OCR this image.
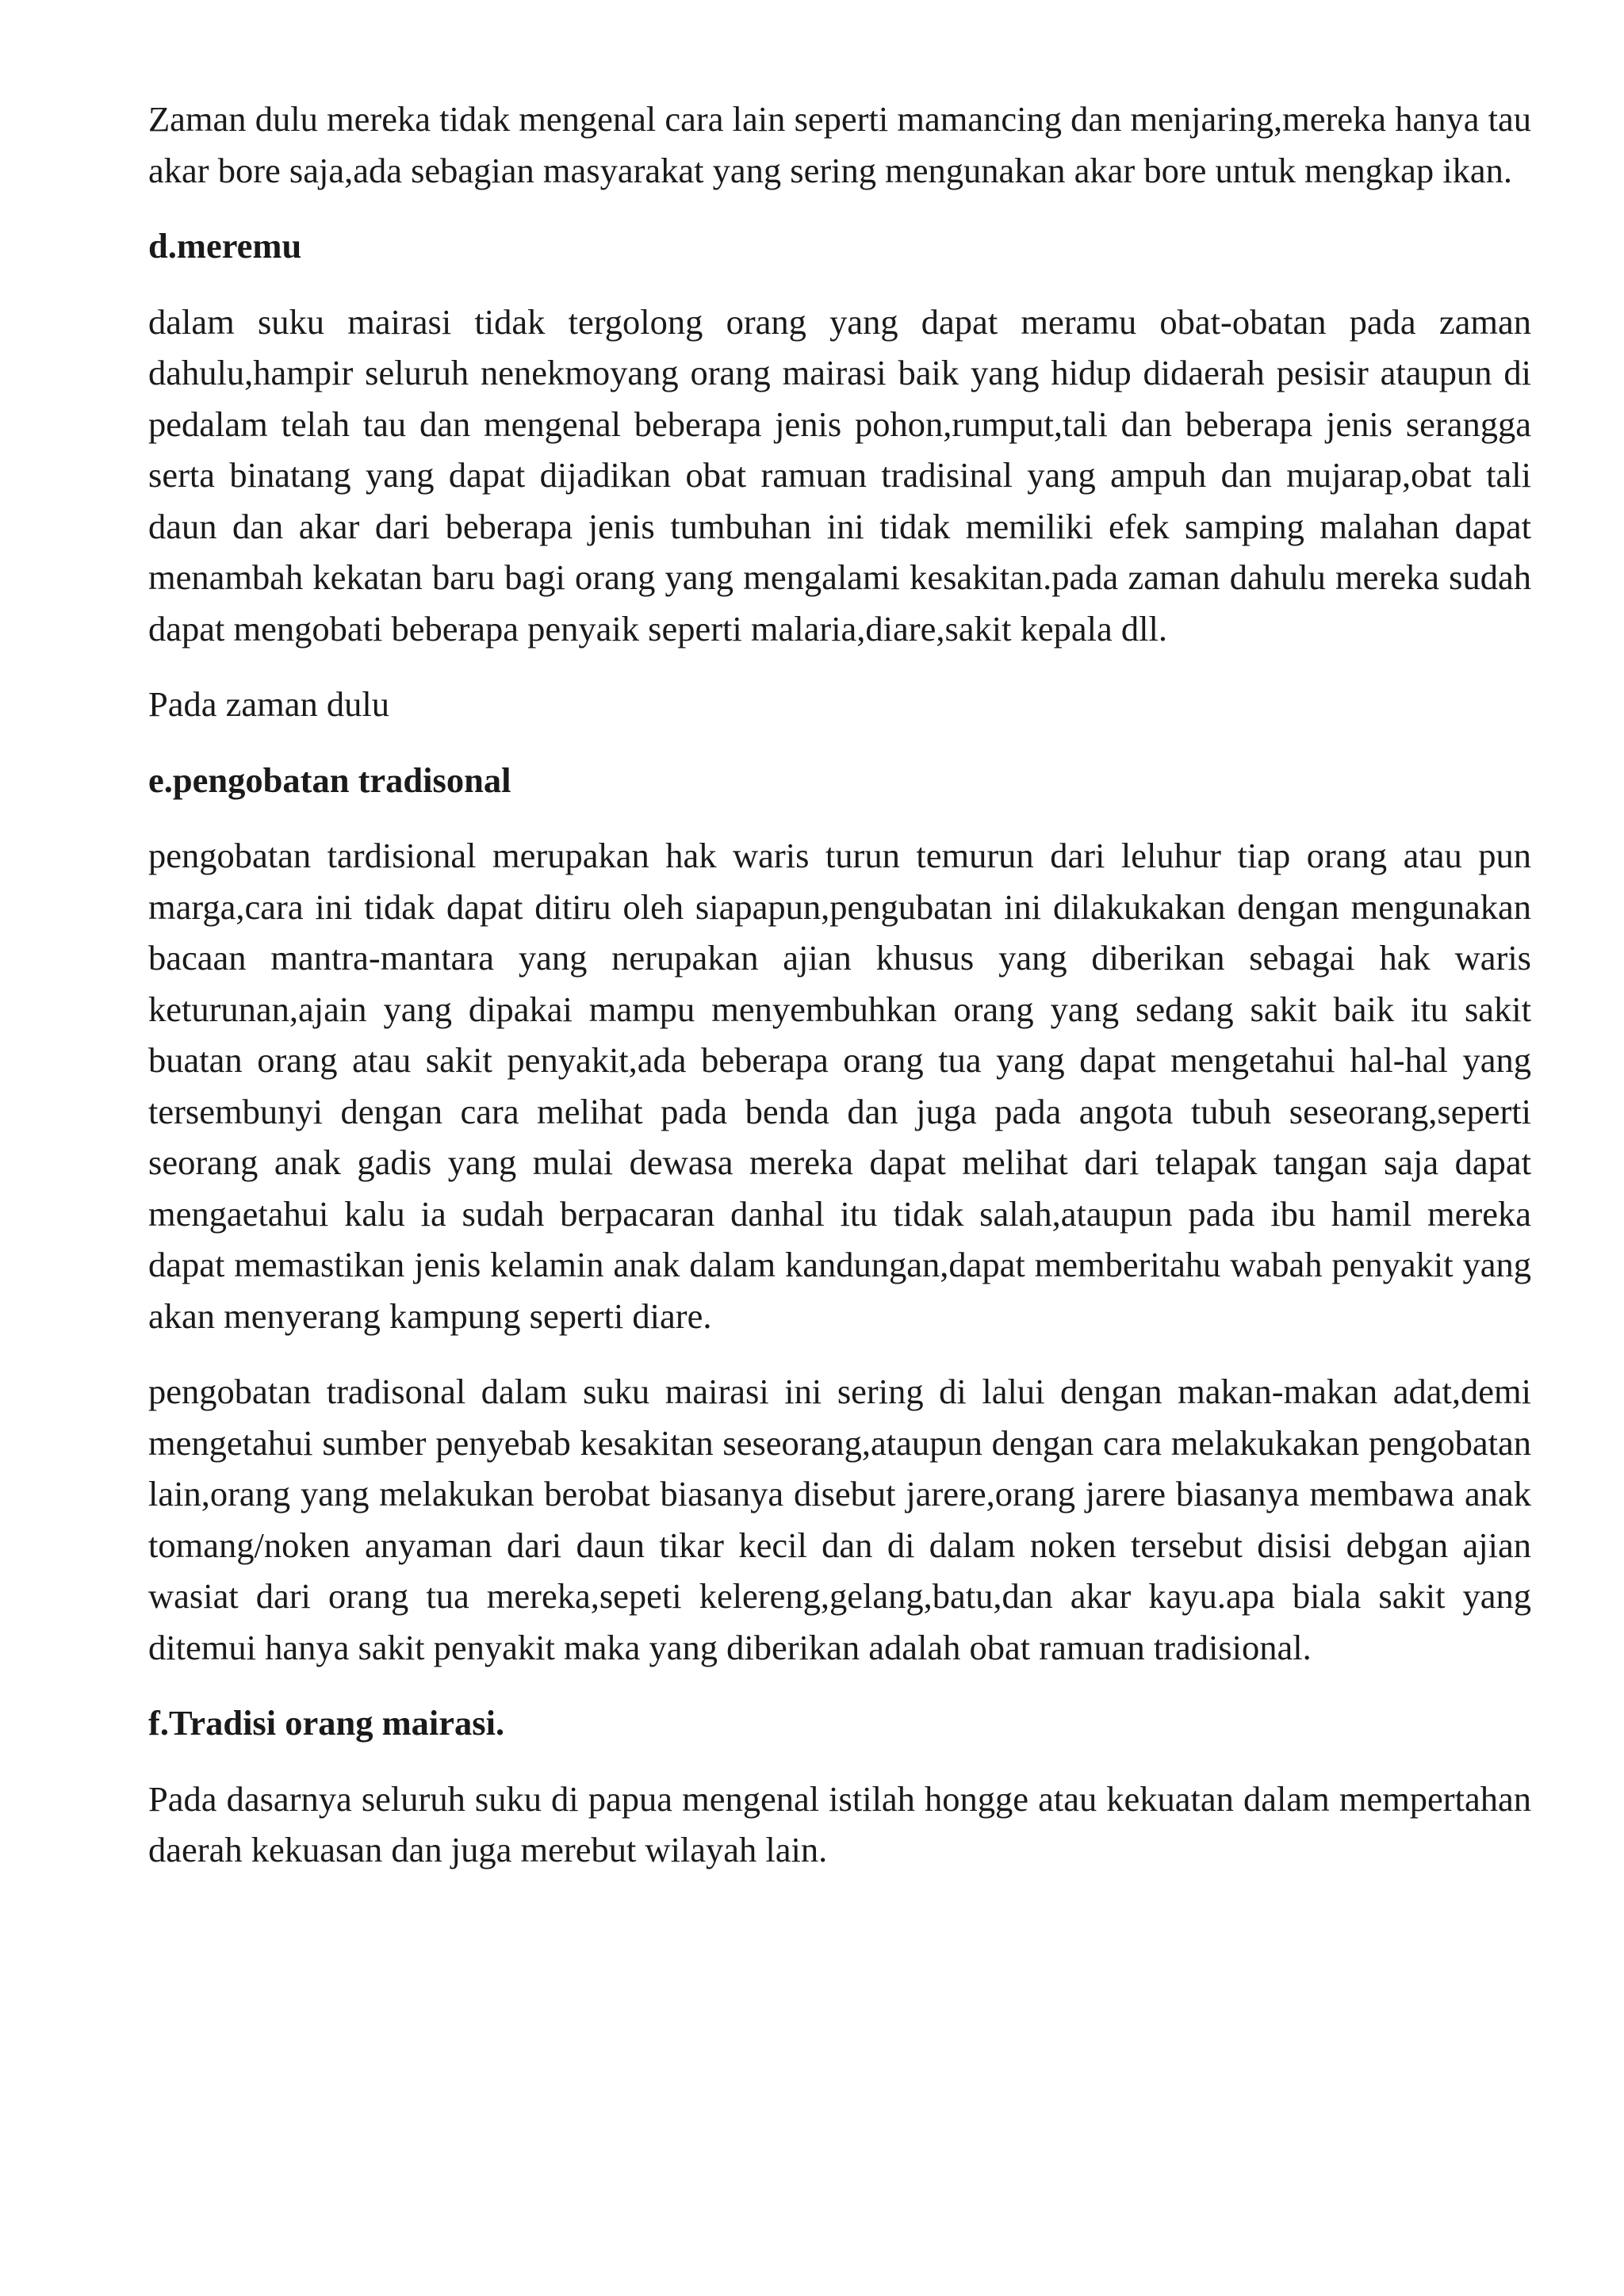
Zaman dulu mereka tidak mengenal cara lain seperti mamancing dan menjaring,mereka hanya tau akar bore saja,ada sebagian masyarakat yang sering mengunakan akar bore untuk mengkap ikan.

d.meremu

dalam suku mairasi tidak tergolong orang yang dapat meramu obat-obatan pada zaman dahulu,hampir seluruh nenekmoyang orang mairasi baik yang hidup didaerah pesisir ataupun di pedalam telah tau dan mengenal beberapa jenis pohon,rumput,tali dan beberapa jenis serangga serta binatang yang dapat dijadikan obat ramuan tradisinal yang ampuh dan mujarap,obat tali daun dan akar dari beberapa jenis tumbuhan ini tidak memiliki efek samping malahan dapat menambah kekatan baru bagi orang yang mengalami kesakitan.pada zaman dahulu mereka sudah dapat mengobati beberapa penyaik seperti malaria,diare,sakit kepala dll.

Pada zaman dulu

e.pengobatan tradisonal

pengobatan tardisional merupakan hak waris turun temurun dari leluhur tiap orang atau pun marga,cara ini tidak dapat ditiru oleh siapapun,pengubatan ini dilakukakan dengan mengunakan bacaan mantra-mantara yang nerupakan ajian khusus yang diberikan sebagai hak waris keturunan,ajain yang dipakai mampu menyembuhkan orang yang sedang sakit baik itu sakit buatan orang atau sakit penyakit,ada beberapa orang tua yang dapat mengetahui hal-hal yang tersembunyi dengan cara melihat pada benda dan juga pada angota tubuh seseorang,seperti seorang anak gadis yang mulai dewasa mereka dapat melihat dari telapak tangan saja dapat mengaetahui kalu ia sudah berpacaran danhal itu tidak salah,ataupun pada ibu hamil mereka dapat memastikan jenis kelamin anak dalam kandungan,dapat memberitahu wabah penyakit yang akan menyerang kampung seperti diare.

pengobatan tradisonal dalam suku mairasi ini sering di lalui dengan makan-makan adat,demi mengetahui sumber penyebab kesakitan seseorang,ataupun dengan cara melakukakan pengobatan lain,orang yang melakukan berobat biasanya disebut jarere,orang jarere biasanya membawa anak tomang/noken anyaman dari daun tikar kecil dan di dalam noken tersebut disisi debgan ajian wasiat dari orang tua mereka,sepeti kelereng,gelang,batu,dan akar kayu.apa biala sakit yang ditemui hanya sakit penyakit maka yang diberikan adalah obat ramuan tradisional.

f.Tradisi orang mairasi.

Pada dasarnya seluruh suku di papua mengenal istilah hongge atau kekuatan dalam mempertahan daerah kekuasan dan juga merebut wilayah lain.
